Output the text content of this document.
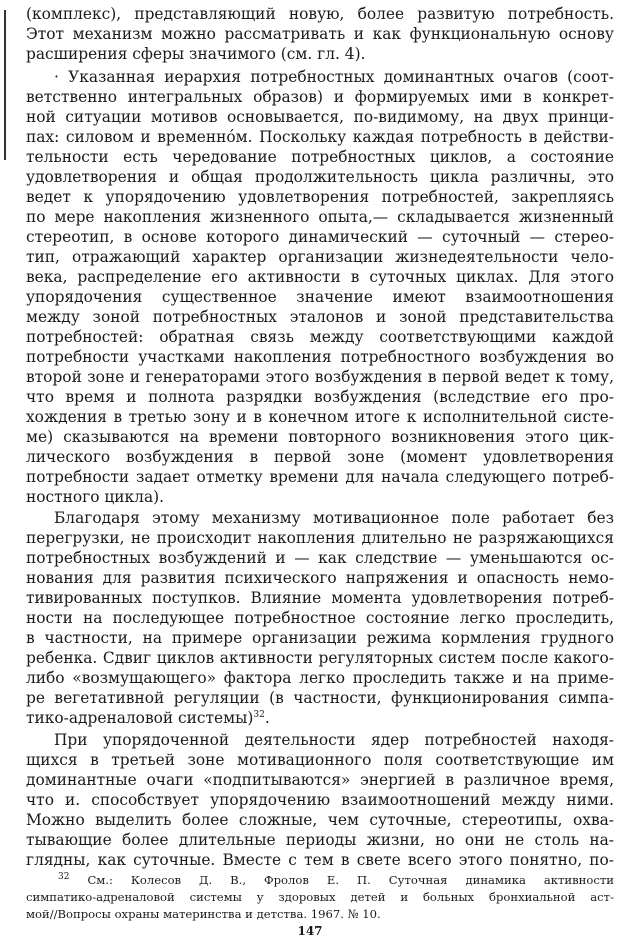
(комплекс), представляющий новую, более развитую потребность.
Этот механизм можно рассматривать и как функциональную основу
расширения сферы значимого (см. гл. 4).
· Указанная иерархия потребностных доминантных очагов (соот-
ветственно интегральных образов) и формируемых ими в конкрет-
ной ситуации мотивов основывается, по-видимому, на двух принци-
пах: силовом и временно́м. Поскольку каждая потребность в действи-
тельности есть чередование потребностных циклов, а состояние
удовлетворения и общая продолжительность цикла различны, это
ведет к упорядочению удовлетворения потребностей, закрепляясь
по мере накопления жизненного опыта,— складывается жизненный
стереотип, в основе которого динамический — суточный — стерео-
тип, отражающий характер организации жизнедеятельности чело-
века, распределение его активности в суточных циклах. Для этого
упорядочения существенное значение имеют взаимоотношения
между зоной потребностных эталонов и зоной представительства
потребностей: обратная связь между соответствующими каждой
потребности участками накопления потребностного возбуждения во
второй зоне и генераторами этого возбуждения в первой ведет к тому,
что время и полнота разрядки возбуждения (вследствие его про-
хождения в третью зону и в конечном итоге к исполнительной систе-
ме) сказываются на времени повторного возникновения этого цик-
лического возбуждения в первой зоне (момент удовлетворения
потребности задает отметку времени для начала следующего потреб-
ностного цикла).
Благодаря этому механизму мотивационное поле работает без
перегрузки, не происходит накопления длительно не разряжающихся
потребностных возбуждений и — как следствие — уменьшаются ос-
нования для развития психического напряжения и опасность немо-
тивированных поступков. Влияние момента удовлетворения потреб-
ности на последующее потребностное состояние легко проследить,
в частности, на примере организации режима кормления грудного
ребенка. Сдвиг циклов активности регуляторных систем после какого-
либо «возмущающего» фактора легко проследить также и на приме-
ре вегетативной регуляции (в частности, функционирования симпа-
тико-адреналовой системы)$^{32}$.
При упорядоченной деятельности ядер потребностей находя-
щихся в третьей зоне мотивационного поля соответствующие им
доминантные очаги «подпитываются» энергией в различное время,
что и. способствует упорядочению взаимоотношений между ними.
Можно выделить более сложные, чем суточные, стереотипы, охва-
тывающие более длительные периоды жизни, но они не столь на-
глядны, как суточные. Вместе с тем в свете всего этого понятно, по-
$^{32}$ См.: Колесов Д. В., Фролов Е. П. Суточная динамика активности
симпатико-адреналовой системы у здоровых детей и больных бронхиальной аст-
мой//Вопросы охраны материнства и детства. 1967. № 10.
147
